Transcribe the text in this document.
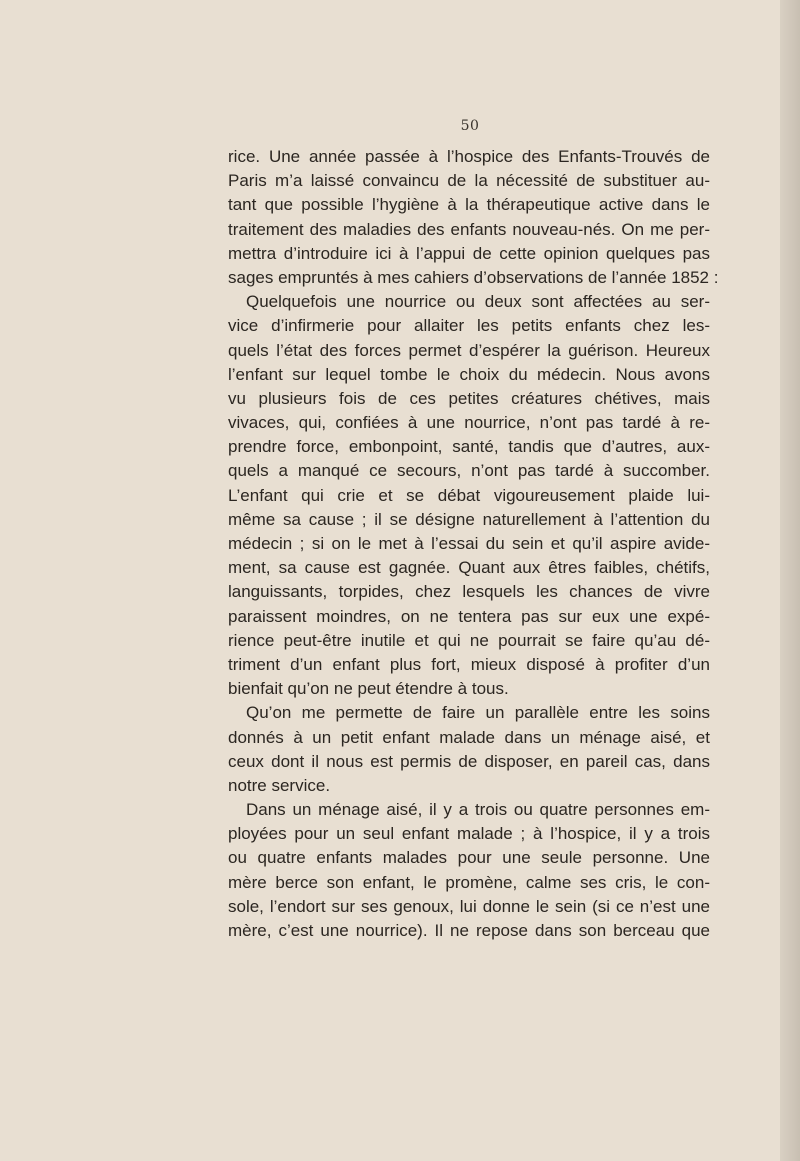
50
rice. Une année passée à l’hospice des Enfants-Trouvés de
Paris m’a laissé convaincu de la nécessité de substituer au-
tant que possible l’hygiène à la thérapeutique active dans le
traitement des maladies des enfants nouveau-nés. On me per-
mettra d’introduire ici à l’appui de cette opinion quelques pas
sages empruntés à mes cahiers d’observations de l’année 1852 :
Quelquefois une nourrice ou deux sont affectées au ser-
vice d’infirmerie pour allaiter les petits enfants chez les-
quels l’état des forces permet d’espérer la guérison. Heureux
l’enfant sur lequel tombe le choix du médecin. Nous avons
vu plusieurs fois de ces petites créatures chétives, mais
vivaces, qui, confiées à une nourrice, n’ont pas tardé à re-
prendre force, embonpoint, santé, tandis que d’autres, aux-
quels a manqué ce secours, n’ont pas tardé à succomber.
L’enfant qui crie et se débat vigoureusement plaide lui-
même sa cause ; il se désigne naturellement à l’attention du
médecin ; si on le met à l’essai du sein et qu’il aspire avide-
ment, sa cause est gagnée. Quant aux êtres faibles, chétifs,
languissants, torpides, chez lesquels les chances de vivre
paraissent moindres, on ne tentera pas sur eux une expé-
rience peut-être inutile et qui ne pourrait se faire qu’au dé-
triment d’un enfant plus fort, mieux disposé à profiter d’un
bienfait qu’on ne peut étendre à tous.
Qu’on me permette de faire un parallèle entre les soins
donnés à un petit enfant malade dans un ménage aisé, et
ceux dont il nous est permis de disposer, en pareil cas, dans
notre service.
Dans un ménage aisé, il y a trois ou quatre personnes em-
ployées pour un seul enfant malade ; à l’hospice, il y a trois
ou quatre enfants malades pour une seule personne. Une
mère berce son enfant, le promène, calme ses cris, le con-
sole, l’endort sur ses genoux, lui donne le sein (si ce n’est une
mère, c’est une nourrice). Il ne repose dans son berceau que
